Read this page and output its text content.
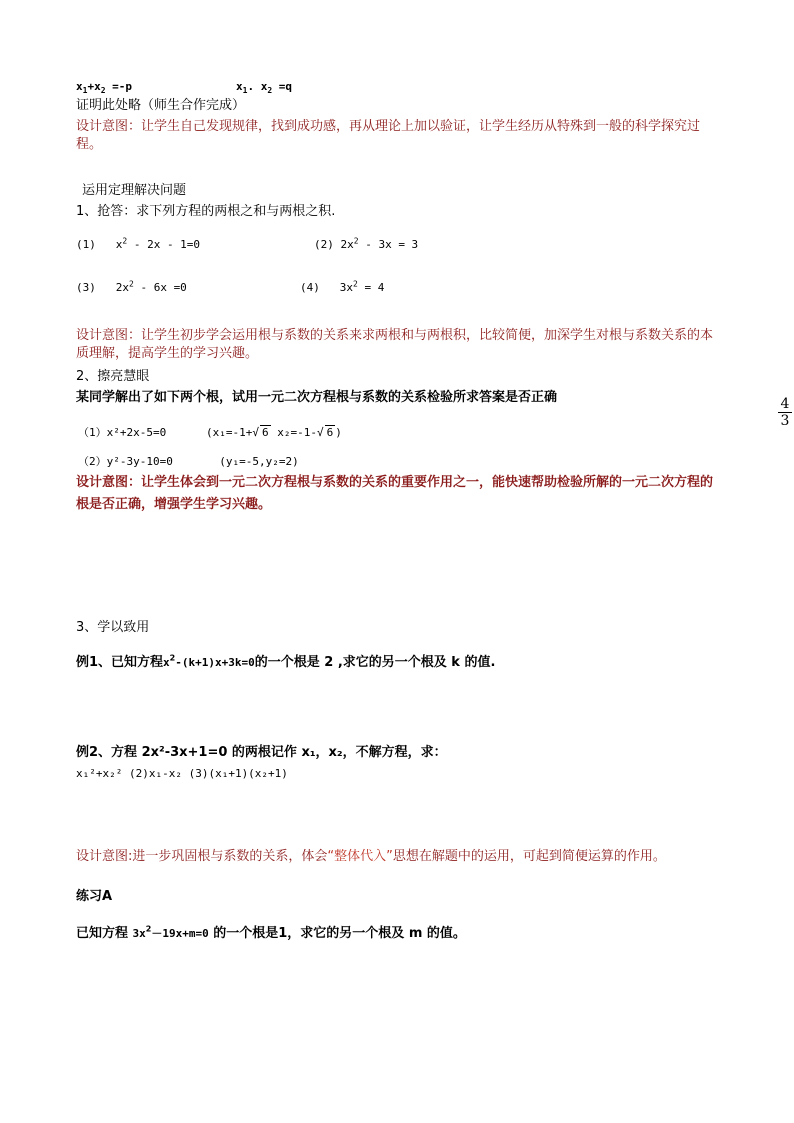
$x_1+x_2 =-p$	$x_1$. $x_2 =q$
证明此处略（师生合作完成）
设计意图：让学生自己发现规律，找到成功感，再从理论上加以验证，让学生经历从特殊到一般的科学探究过程。
运用定理解决问题
1、抢答：求下列方程的两根之和与两根之积.
(1) $x^2 - 2x - 1=0$	(2) $2x^2 - 3x = 3$
(3) $2x^2 - 6x =0$	(4) $3x^2 = 4$
设计意图：让学生初步学会运用根与系数的关系来求两根和与两根积，比较简便，加深学生对根与系数关系的本质理解，提高学生的学习兴趣。
2、擦亮慧眼
某同学解出了如下两个根，试用一元二次方程根与系数的关系检验所求答案是否正确
（1）x²+2x-5=0	(x₁=-1+√ 6 x₂=-1-√ 6 )
（2）y²-3y-10=0	(y₁=-5,y₂=2)
设计意图：让学生体会到一元二次方程根与系数的关系的重要作用之一，能快速帮助检验所解的一元二次方程的根是否正确，增强学生学习兴趣。
3、学以致用
例1、已知方程$x^2-(k+1)x+3k=0$的一个根是 2 ,求它的另一个根及 k 的值.
例2、方程 2x²-3x+1=0 的两根记作 x₁，x₂，不解方程，求：
x₁²+x₂² (2)x₁-x₂ (3)(x₁+1)(x₂+1)
设计意图:进一步巩固根与系数的关系，体会“整体代入”思想在解题中的运用，可起到简便运算的作用。
练习A
已知方程 $3x^2-19x+m=0$ 的一个根是1，求它的另一个根及 m 的值。
$\frac{4}{3}$
